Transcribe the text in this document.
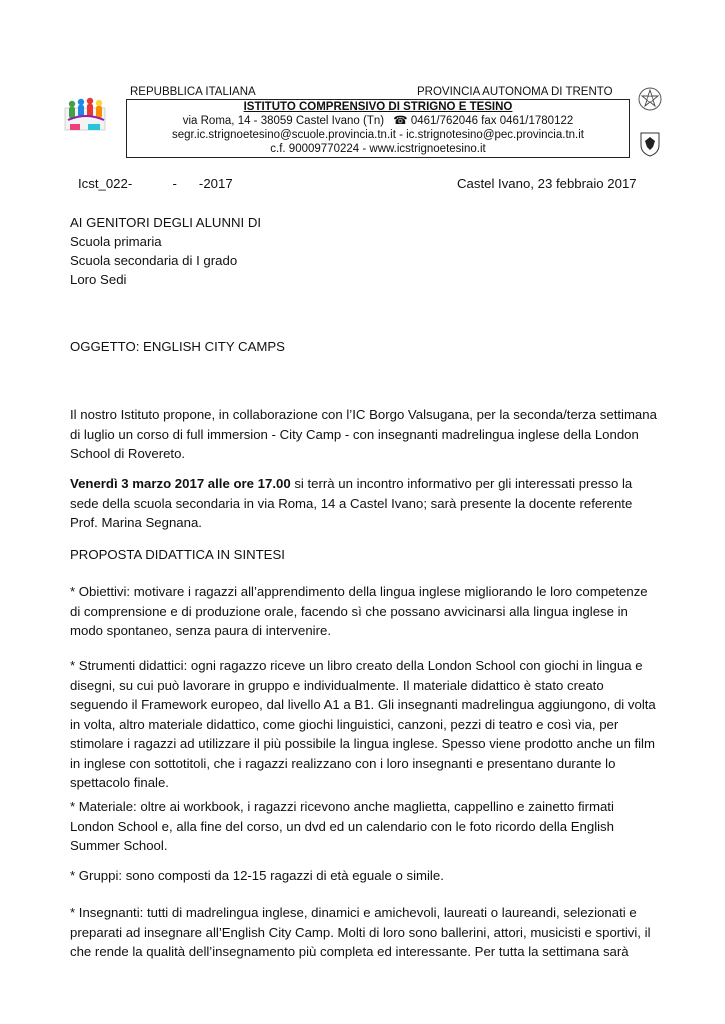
REPUBBLICA ITALIANA	PROVINCIA AUTONOMA DI TRENTO
ISTITUTO COMPRENSIVO DI STRIGNO E TESINO
via Roma, 14 - 38059 Castel Ivano (Tn) ☎ 0461/762046 fax 0461/1780122
segr.ic.strignoetesino@scuole.provincia.tn.it - ic.strignotesino@pec.provincia.tn.it
c.f. 90009770224 - www.icstrignoetesino.it
Icst_022-           -      -2017	Castel Ivano, 23 febbraio 2017
AI GENITORI DEGLI ALUNNI DI
Scuola primaria
Scuola secondaria di I grado
Loro Sedi
OGGETTO: ENGLISH CITY CAMPS
Il nostro Istituto propone, in collaborazione con l’IC Borgo Valsugana, per la seconda/terza settimana di luglio un corso di full immersion - City Camp - con insegnanti madrelingua inglese della London School di Rovereto.
Venerdì 3 marzo 2017 alle ore 17.00 si terrà un incontro informativo per gli interessati presso la sede della scuola secondaria in via Roma, 14 a Castel Ivano; sarà presente la docente referente Prof. Marina Segnana.
PROPOSTA DIDATTICA IN SINTESI
* Obiettivi: motivare i ragazzi all’apprendimento della lingua inglese migliorando le loro competenze di comprensione e di produzione orale, facendo sì che possano avvicinarsi alla lingua inglese in modo spontaneo, senza paura di intervenire.
* Strumenti didattici: ogni ragazzo riceve un libro creato della London School con giochi in lingua e disegni, su cui può lavorare in gruppo e individualmente. Il materiale didattico è stato creato seguendo il Framework europeo, dal livello A1 a B1. Gli insegnanti madrelingua aggiungono, di volta in volta, altro materiale didattico, come giochi linguistici, canzoni, pezzi di teatro e così via, per stimolare i ragazzi ad utilizzare il più possibile la lingua inglese. Spesso viene prodotto anche un film in inglese con sottotitoli, che i ragazzi realizzano con i loro insegnanti e presentano durante lo spettacolo finale.
* Materiale: oltre ai workbook, i ragazzi ricevono anche maglietta, cappellino e zainetto firmati London School e, alla fine del corso, un dvd ed un calendario con le foto ricordo della English Summer School.
* Gruppi: sono composti da 12-15 ragazzi di età eguale o simile.
* Insegnanti: tutti di madrelingua inglese, dinamici e amichevoli, laureati o laureandi, selezionati e preparati ad insegnare all’English City Camp. Molti di loro sono ballerini, attori, musicisti e sportivi, il che rende la qualità dell’insegnamento più completa ed interessante. Per tutta la settimana sarà
